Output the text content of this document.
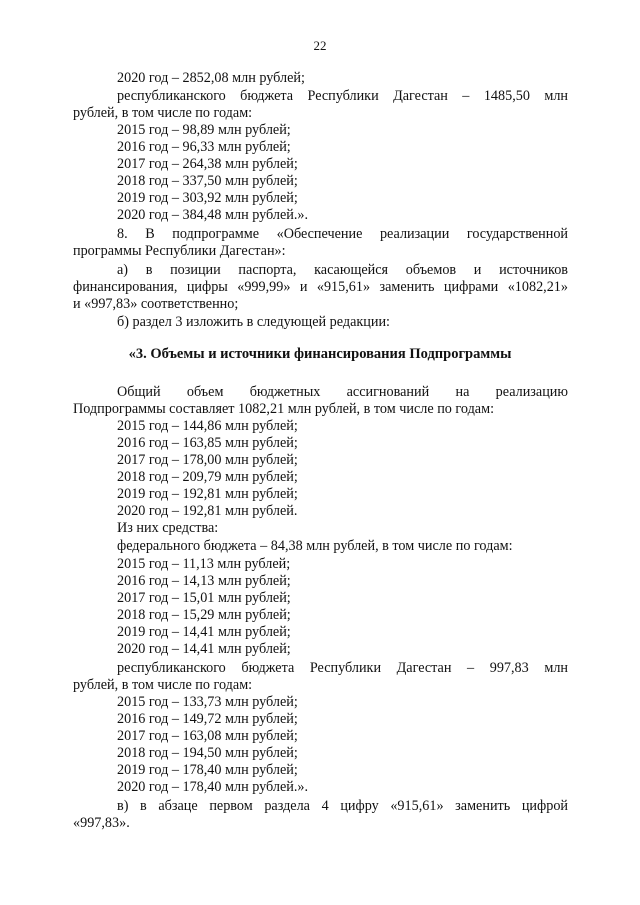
22
2020 год – 2852,08 млн рублей;
республиканского бюджета Республики Дагестан – 1485,50 млн
рублей, в том числе по годам:
2015 год – 98,89 млн рублей;
2016 год – 96,33 млн рублей;
2017 год – 264,38 млн рублей;
2018 год – 337,50 млн рублей;
2019 год – 303,92 млн рублей;
2020 год – 384,48 млн рублей.».
8. В подпрограмме «Обеспечение реализации государственной
программы Республики Дагестан»:
а) в позиции паспорта, касающейся объемов и источников
финансирования, цифры «999,99» и «915,61» заменить цифрами «1082,21»
и «997,83» соответственно;
б) раздел 3 изложить в следующей редакции:
«3. Объемы и источники финансирования Подпрограммы
Общий объем бюджетных ассигнований на реализацию
Подпрограммы составляет 1082,21 млн рублей, в том числе по годам:
2015 год – 144,86 млн рублей;
2016 год – 163,85 млн рублей;
2017 год – 178,00 млн рублей;
2018 год – 209,79 млн рублей;
2019 год – 192,81 млн рублей;
2020 год – 192,81 млн рублей.
Из них средства:
федерального бюджета – 84,38 млн рублей, в том числе по годам:
2015 год – 11,13 млн рублей;
2016 год – 14,13 млн рублей;
2017 год – 15,01 млн рублей;
2018 год – 15,29 млн рублей;
2019 год – 14,41 млн рублей;
2020 год – 14,41 млн рублей;
республиканского бюджета Республики Дагестан – 997,83 млн
рублей, в том числе по годам:
2015 год – 133,73 млн рублей;
2016 год – 149,72 млн рублей;
2017 год – 163,08 млн рублей;
2018 год – 194,50 млн рублей;
2019 год – 178,40 млн рублей;
2020 год – 178,40 млн рублей.».
в) в абзаце первом раздела 4 цифру «915,61» заменить цифрой
«997,83».
